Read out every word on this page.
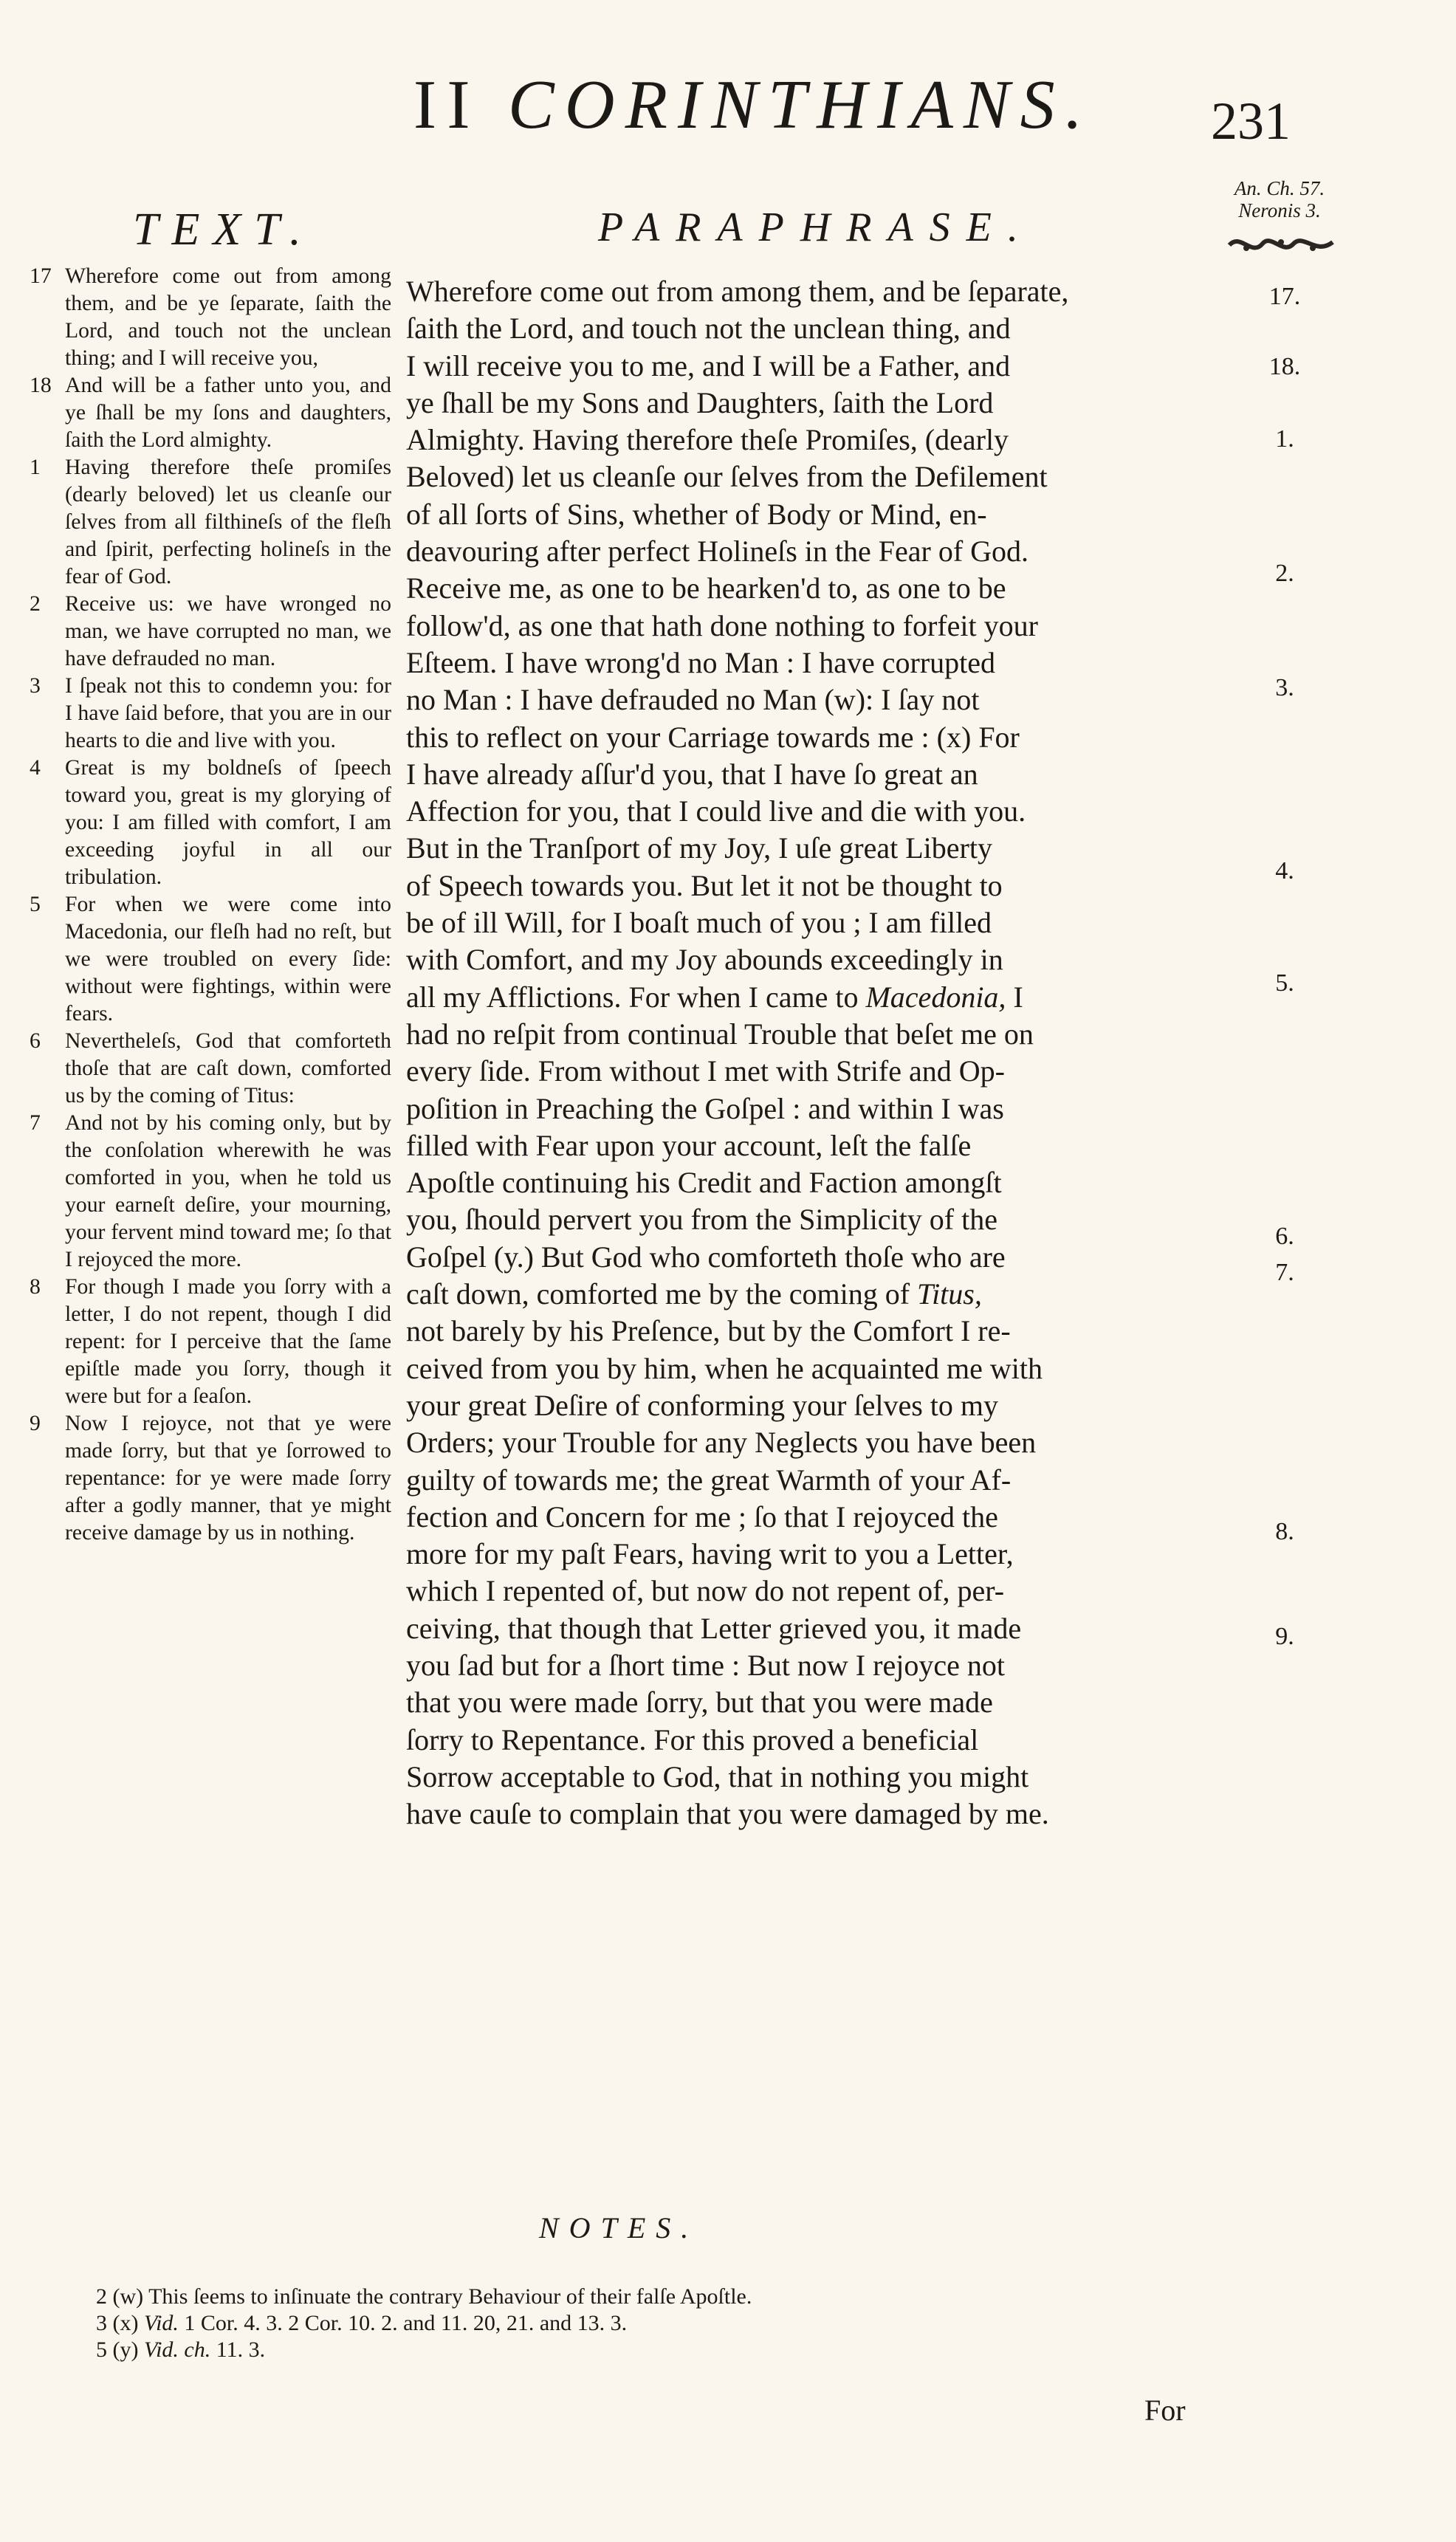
II CORINTHIANS.	231
An. Ch. 57.
Neronis 3.
TEXT.	PARAPHRASE.
17 Wherefore come out from among them, and be ye ſeparate, ſaith the Lord, and touch not the unclean thing; and I will receive you,
18 And will be a father unto you, and ye ſhall be my ſons and daughters, ſaith the Lord almighty.
1 Having therefore theſe promiſes (dearly beloved) let us cleanſe our ſelves from all filthineſs of the fleſh and ſpirit, perfecting holineſs in the fear of God.
2 Receive us: we have wronged no man, we have corrupted no man, we have defrauded no man.
3 I ſpeak not this to condemn you: for I have ſaid before, that you are in our hearts to die and live with you.
4 Great is my boldneſs of ſpeech toward you, great is my glorying of you: I am filled with comfort, I am exceeding joyful in all our tribulation.
5 For when we were come into Macedonia, our fleſh had no reſt, but we were troubled on every ſide: without were fightings, within were fears.
6 Nevertheleſs, God that comforteth thoſe that are caſt down, comforted us by the coming of Titus:
7 And not by his coming only, but by the conſolation wherewith he was comforted in you, when he told us your earneſt deſire, your mourning, your fervent mind toward me; ſo that I rejoyced the more.
8 For though I made you ſorry with a letter, I do not repent, though I did repent: for I perceive that the ſame epiſtle made you ſorry, though it were but for a ſeaſon.
9 Now I rejoyce, not that ye were made ſorry, but that ye ſorrowed to repentance: for ye were made ſorry after a godly manner, that ye might receive damage by us in nothing.
Wherefore come out from among them, and be ſeparate,
ſaith the Lord, and touch not the unclean thing, and
I will receive you to me, and I will be a Father, and
ye ſhall be my Sons and Daughters, ſaith the Lord
Almighty. Having therefore theſe Promiſes, (dearly
Beloved) let us cleanſe our ſelves from the Defilement
of all ſorts of Sins, whether of Body or Mind, en-
deavouring after perfect Holineſs in the Fear of God.
Receive me, as one to be hearken'd to, as one to be
follow'd, as one that hath done nothing to forfeit your
Eſteem. I have wrong'd no Man : I have corrupted
no Man : I have defrauded no Man (w): I ſay not
this to reflect on your Carriage towards me : (x) For
I have already aſſur'd you, that I have ſo great an
Affection for you, that I could live and die with you.
But in the Tranſport of my Joy, I uſe great Liberty
of Speech towards you. But let it not be thought to
be of ill Will, for I boaſt much of you ; I am filled
with Comfort, and my Joy abounds exceedingly in
all my Afflictions. For when I came to Macedonia, I
had no reſpit from continual Trouble that beſet me on
every ſide. From without I met with Strife and Op-
poſition in Preaching the Goſpel : and within I was
filled with Fear upon your account, leſt the falſe
Apoſtle continuing his Credit and Faction amongſt
you, ſhould pervert you from the Simplicity of the
Goſpel (y.) But God who comforteth thoſe who are
caſt down, comforted me by the coming of Titus,
not barely by his Preſence, but by the Comfort I re-
ceived from you by him, when he acquainted me with
your great Deſire of conforming your ſelves to my
Orders; your Trouble for any Neglects you have been
guilty of towards me; the great Warmth of your Af-
fection and Concern for me ; ſo that I rejoyced the
more for my paſt Fears, having writ to you a Letter,
which I repented of, but now do not repent of, per-
ceiving, that though that Letter grieved you, it made
you ſad but for a ſhort time : But now I rejoyce not
that you were made ſorry, but that you were made
ſorry to Repentance. For this proved a beneficial
Sorrow acceptable to God, that in nothing you might
have cauſe to complain that you were damaged by me.
17.
18.
1.
2.
3.
4.
5.
6.
7.
8.
9.
NOTES.
2 (w) This ſeems to inſinuate the contrary Behaviour of their falſe Apoſtle.
3 (x) Vid. 1 Cor. 4. 3. 2 Cor. 10. 2. and 11. 20, 21. and 13. 3.
5 (y) Vid. ch. 11. 3.
For
